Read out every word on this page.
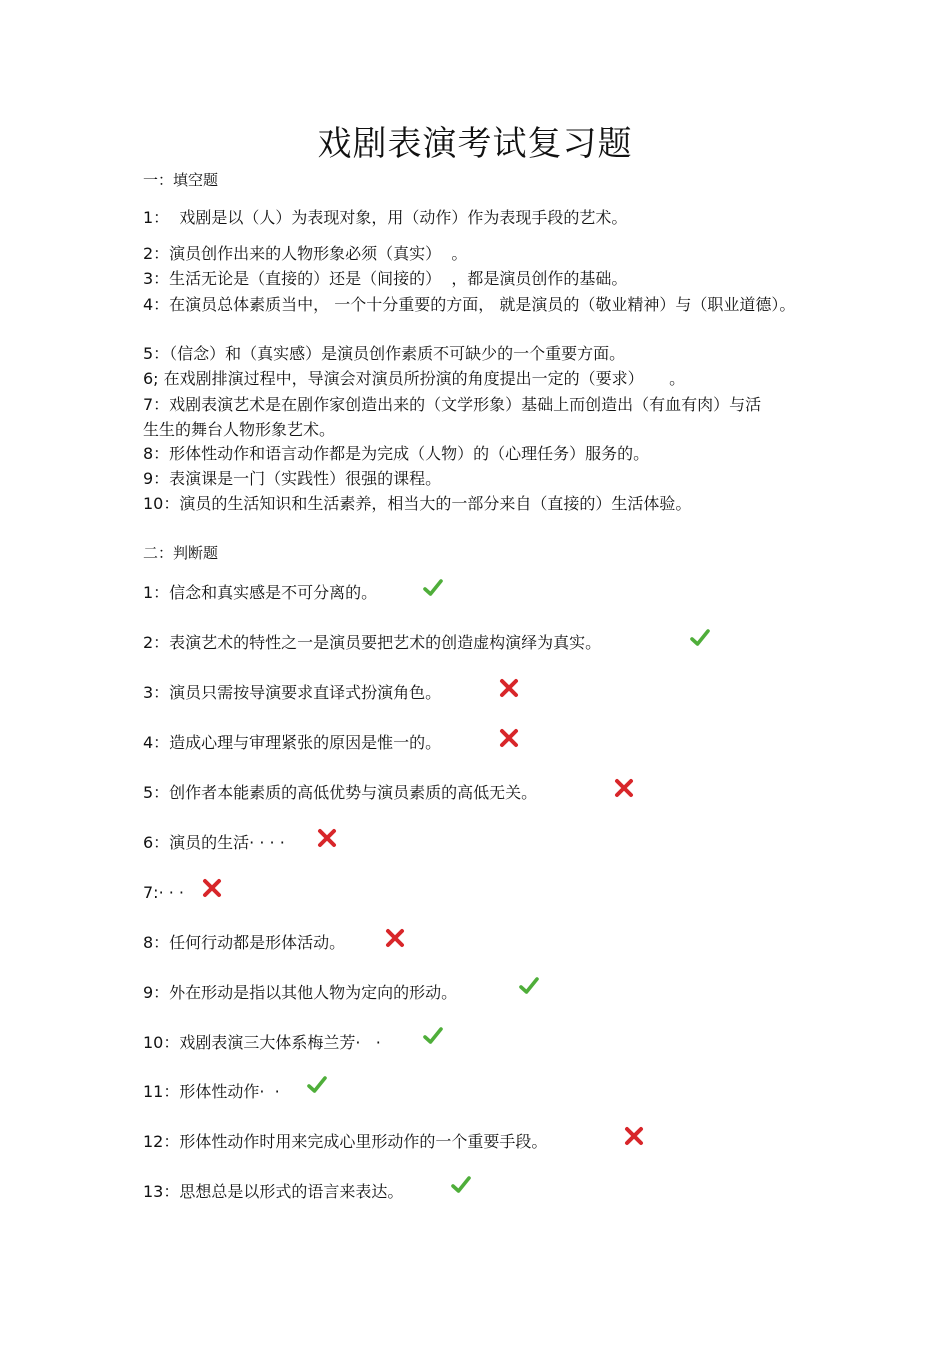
戏剧表演考试复习题
一：填空题
1：  戏剧是以（人）为表现对象，用（动作）作为表现手段的艺术。
2：演员创作出来的人物形象必须（真实）  。
3：生活无论是（直接的）还是（间接的）  ，都是演员创作的基础。
4：在演员总体素质当中， 一个十分重要的方面， 就是演员的（敬业精神）与（职业道德）。
5：（信念）和（真实感）是演员创作素质不可缺少的一个重要方面。
6; 在戏剧排演过程中，导演会对演员所扮演的角度提出一定的（要求）     。
7：戏剧表演艺术是在剧作家创造出来的（文学形象）基础上而创造出（有血有肉）与活生生的舞台人物形象艺术。
8：形体性动作和语言动作都是为完成（人物）的（心理任务）服务的。
9：表演课是一门（实践性）很强的课程。
10：演员的生活知识和生活素养，相当大的一部分来自（直接的）生活体验。
二：判断题
1：信念和真实感是不可分离的。
2：表演艺术的特性之一是演员要把艺术的创造虚构演绎为真实。
3：演员只需按导演要求直译式扮演角色。
4：造成心理与审理紧张的原因是惟一的。
5：创作者本能素质的高低优势与演员素质的高低无关。
6：演员的生活· · · ·
7:· · ·
8：任何行动都是形体活动。
9：外在形动是指以其他人物为定向的形动。
10：戏剧表演三大体系梅兰芳·   ·
11：形体性动作·  ·
12：形体性动作时用来完成心里形动作的一个重要手段。
13：思想总是以形式的语言来表达。
